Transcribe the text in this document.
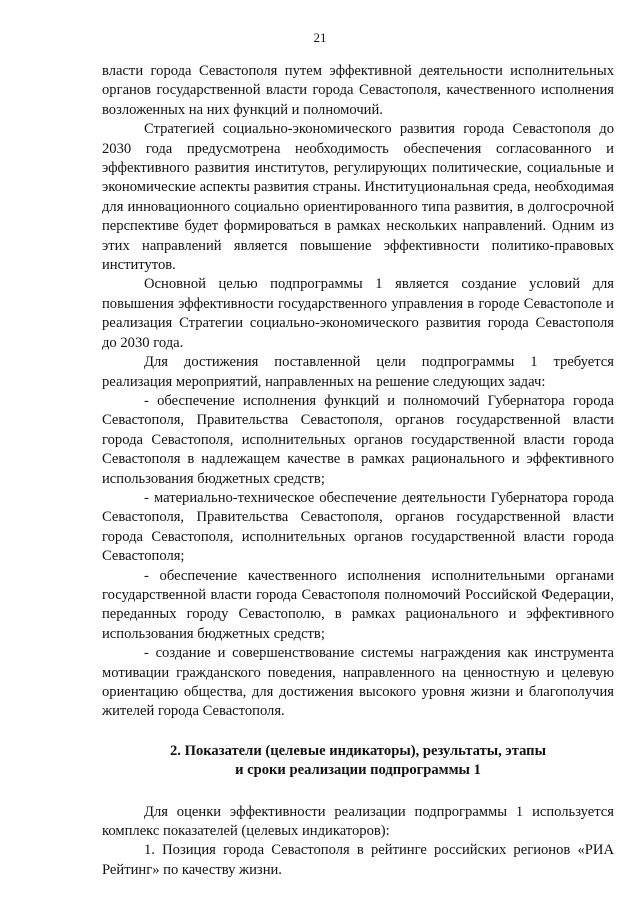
21

власти города Севастополя путем эффективной деятельности исполнительных органов государственной власти города Севастополя, качественного исполнения возложенных на них функций и полномочий.

Стратегией социально-экономического развития города Севастополя до 2030 года предусмотрена необходимость обеспечения согласованного и эффективного развития институтов, регулирующих политические, социальные и экономические аспекты развития страны. Институциональная среда, необходимая для инновационного социально ориентированного типа развития, в долгосрочной перспективе будет формироваться в рамках нескольких направлений. Одним из этих направлений является повышение эффективности политико-правовых институтов.

Основной целью подпрограммы 1 является создание условий для повышения эффективности государственного управления в городе Севастополе и реализация Стратегии социально-экономического развития города Севастополя до 2030 года.

Для достижения поставленной цели подпрограммы 1 требуется реализация мероприятий, направленных на решение следующих задач:

- обеспечение исполнения функций и полномочий Губернатора города Севастополя, Правительства Севастополя, органов государственной власти города Севастополя, исполнительных органов государственной власти города Севастополя в надлежащем качестве в рамках рационального и эффективного использования бюджетных средств;

- материально-техническое обеспечение деятельности Губернатора города Севастополя, Правительства Севастополя, органов государственной власти города Севастополя, исполнительных органов государственной власти города Севастополя;

- обеспечение качественного исполнения исполнительными органами государственной власти города Севастополя полномочий Российской Федерации, переданных городу Севастополю, в рамках рационального и эффективного использования бюджетных средств;

- создание и совершенствование системы награждения как инструмента мотивации гражданского поведения, направленного на ценностную и целевую ориентацию общества, для достижения высокого уровня жизни и благополучия жителей города Севастополя.

2. Показатели (целевые индикаторы), результаты, этапы
и сроки реализации подпрограммы 1

Для оценки эффективности реализации подпрограммы 1 используется комплекс показателей (целевых индикаторов):

1. Позиция города Севастополя в рейтинге российских регионов «РИА Рейтинг» по качеству жизни.
